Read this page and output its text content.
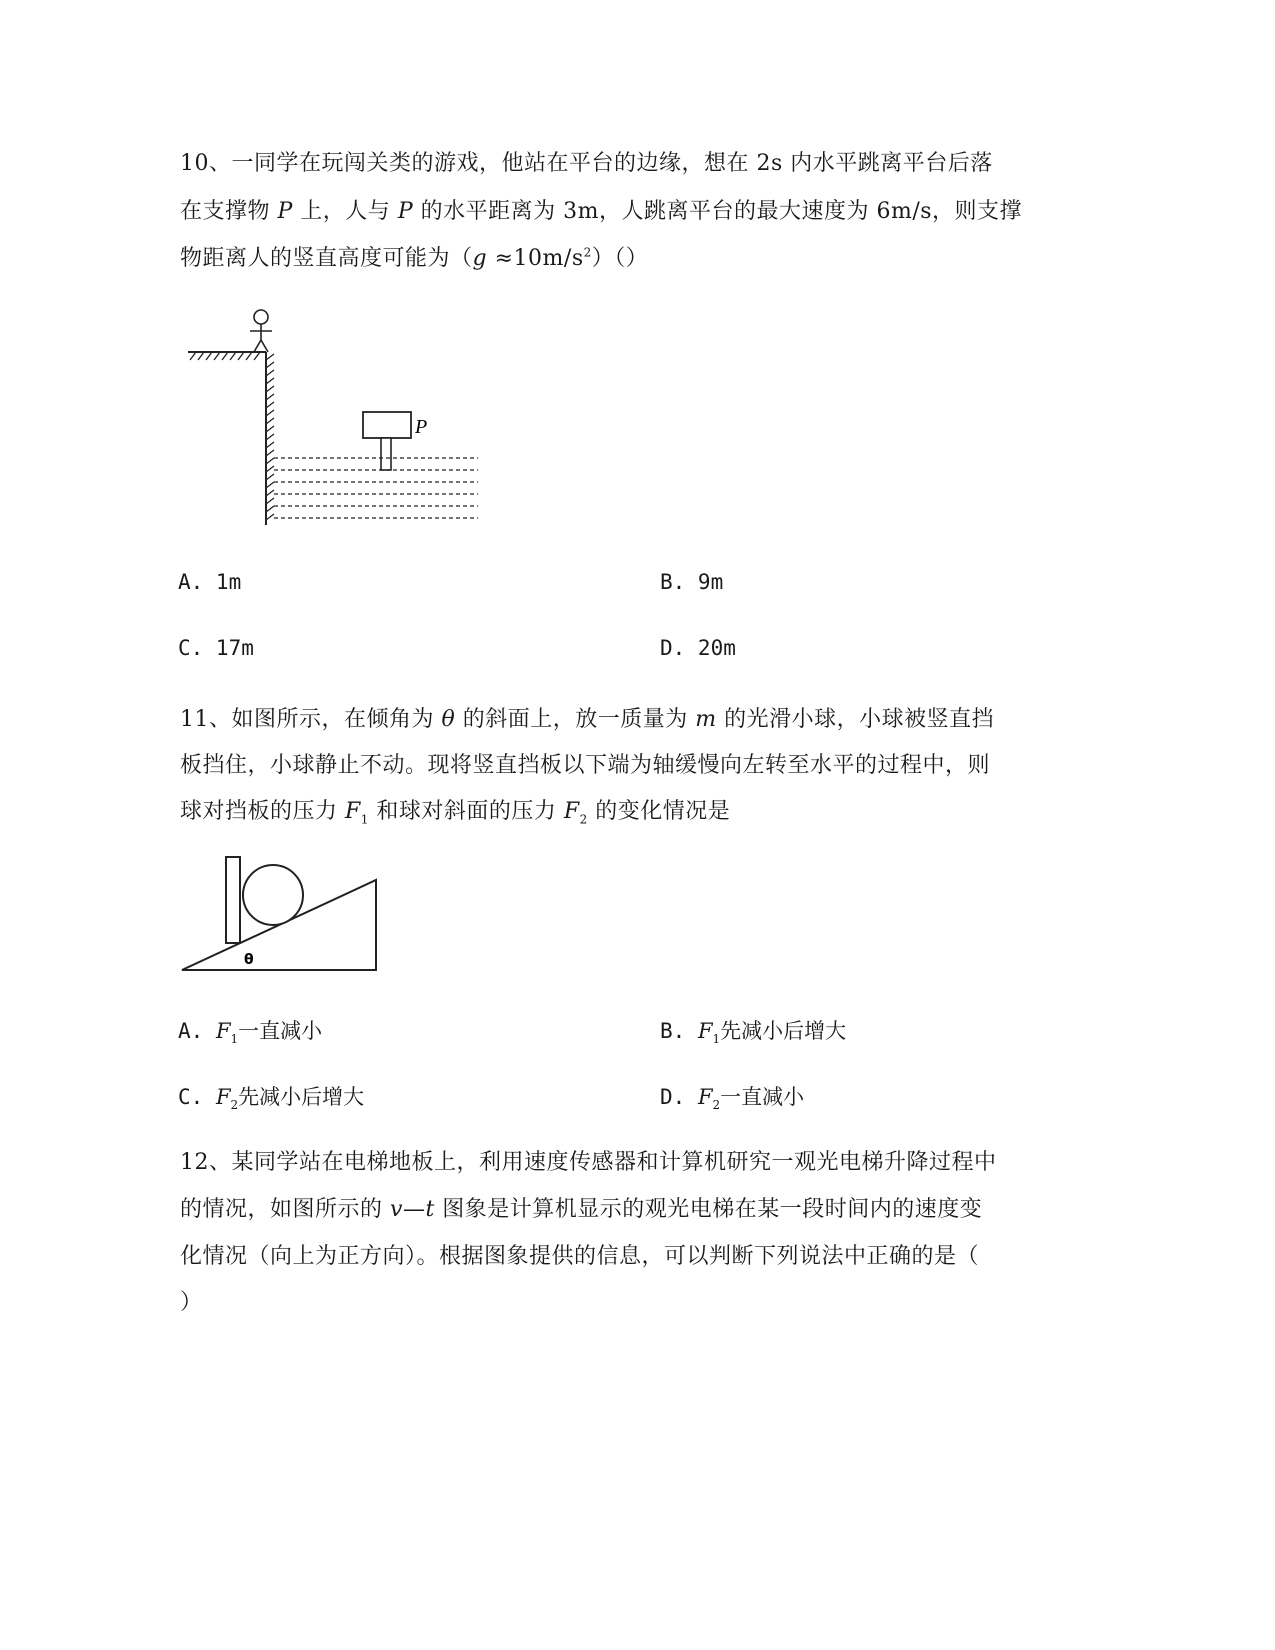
10、一同学在玩闯关类的游戏，他站在平台的边缘，想在 2s 内水平跳离平台后落
在支撑物 P 上，人与 P 的水平距离为 3m，人跳离平台的最大速度为 6m/s，则支撑
物距离人的竖直高度可能为$(g \approx 10m/s^2)()$
P
A. 1m	B. 9m
C. 17m	D. 20m
11、如图所示，在倾角为 θ 的斜面上，放一质量为 m 的光滑小球，小球被竖直挡
板挡住，小球静止不动。现将竖直挡板以下端为轴缓慢向左转至水平的过程中，则
球对挡板的压力 $F_1$ 和球对斜面的压力 $F_2$ 的变化情况是
θ
A. $F_1$一直减小	B. $F_1$先减小后增大
C. $F_2$先减小后增大	D. $F_2$一直减小
12、某同学站在电梯地板上，利用速度传感器和计算机研究一观光电梯升降过程中
的情况，如图所示的 v—t 图象是计算机显示的观光电梯在某一段时间内的速度变
化情况（向上为正方向）。根据图象提供的信息，可以判断下列说法中正确的是（
）
